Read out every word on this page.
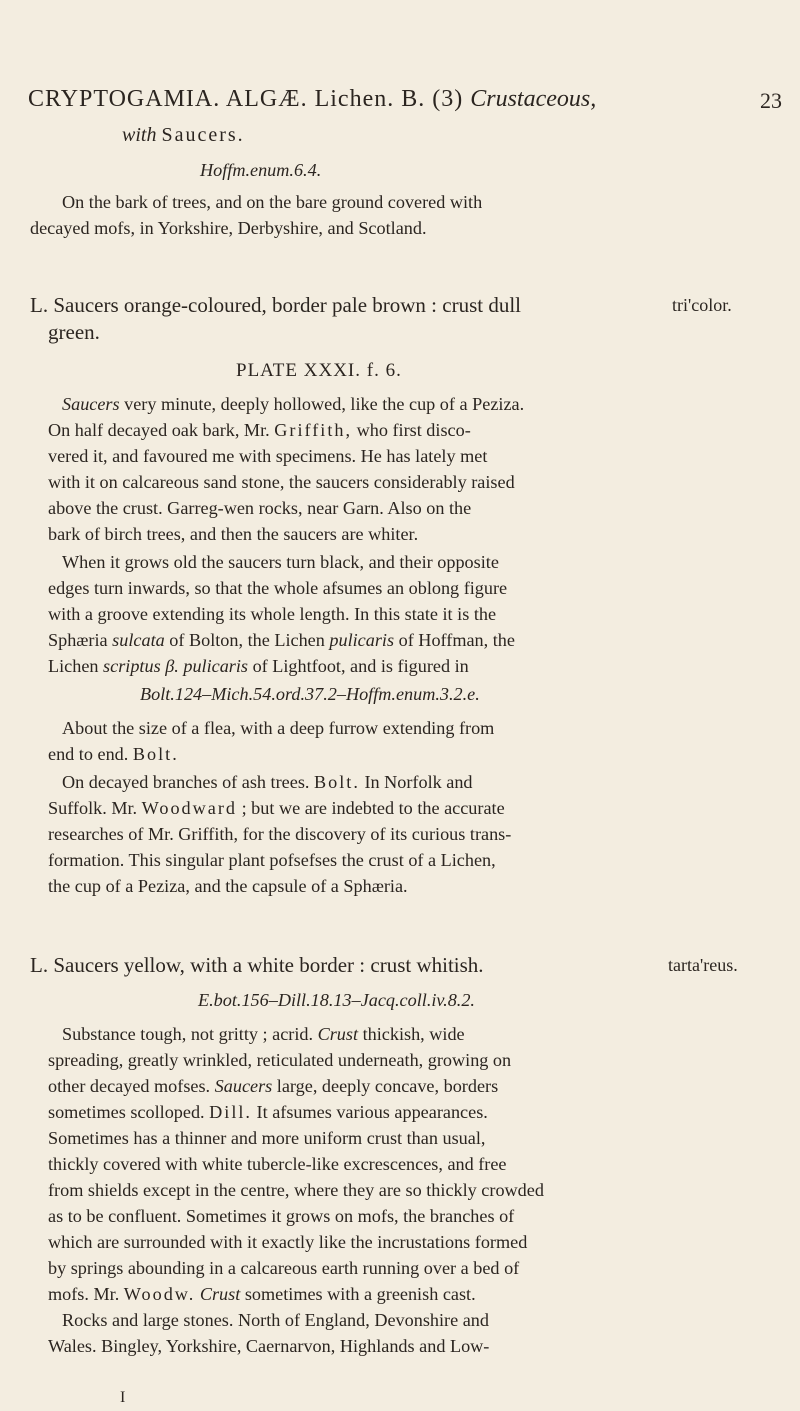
CRYPTOGAMIA. ALGÆ. Lichen. B. (3) Crustaceous,	23
with Saucers.
Hoffm.enum.6.4.
On the bark of trees, and on the bare ground covered with
decayed mofs, in Yorkshire, Derbyshire, and Scotland.
L. Saucers orange-coloured, border pale brown : crust dull
green.
tri'color.
PLATE XXXI. f. 6.
Saucers very minute, deeply hollowed, like the cup of a Peziza.
On half decayed oak bark, Mr. Griffith, who first disco-
vered it, and favoured me with specimens. He has lately met
with it on calcareous sand stone, the saucers considerably raised
above the crust. Garreg-wen rocks, near Garn. Also on the
bark of birch trees, and then the saucers are whiter.
When it grows old the saucers turn black, and their opposite
edges turn inwards, so that the whole afsumes an oblong figure
with a groove extending its whole length. In this state it is the
Sphæria sulcata of Bolton, the Lichen pulicaris of Hoffman, the
Lichen scriptus β. pulicaris of Lightfoot, and is figured in
Bolt.124–Mich.54.ord.37.2–Hoffm.enum.3.2.e.
About the size of a flea, with a deep furrow extending from
end to end. Bolt.
On decayed branches of ash trees. Bolt. In Norfolk and
Suffolk. Mr. Woodward ; but we are indebted to the accurate
researches of Mr. Griffith, for the discovery of its curious trans-
formation. This singular plant pofsefses the crust of a Lichen,
the cup of a Peziza, and the capsule of a Sphæria.
L. Saucers yellow, with a white border : crust whitish.	tarta'reus.
E.bot.156–Dill.18.13–Jacq.coll.iv.8.2.
Substance tough, not gritty ; acrid. Crust thickish, wide
spreading, greatly wrinkled, reticulated underneath, growing on
other decayed mofses. Saucers large, deeply concave, borders
sometimes scolloped. Dill. It afsumes various appearances.
Sometimes has a thinner and more uniform crust than usual,
thickly covered with white tubercle-like excrescences, and free
from shields except in the centre, where they are so thickly crowded
as to be confluent. Sometimes it grows on mofs, the branches of
which are surrounded with it exactly like the incrustations formed
by springs abounding in a calcareous earth running over a bed of
mofs. Mr. Woodw. Crust sometimes with a greenish cast.
Rocks and large stones. North of England, Devonshire and
Wales. Bingley, Yorkshire, Caernarvon, Highlands and Low-
I
